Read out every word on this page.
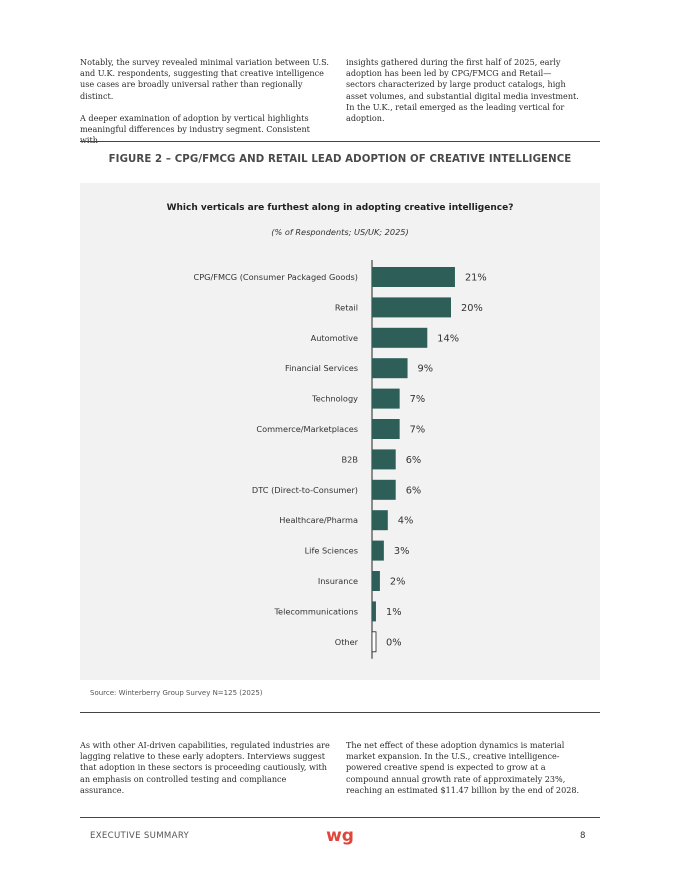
Notably, the survey revealed minimal variation between U.S. and U.K. respondents, suggesting that creative intelligence use cases are broadly universal rather than regionally distinct.

A deeper examination of adoption by vertical highlights meaningful differences by industry segment. Consistent

insights gathered during the first half of 2025, early adoption has been led by CPG/FMCG and Retail—sectors characterized by large product catalogs, high asset volumes, and substantial digital media investment. In the U.K., retail emerged as the leading vertical for adoption.

FIGURE 2 – CPG/FMCG AND RETAIL LEAD ADOPTION OF CREATIVE INTELLIGENCE
Which verticals are furthest along in adopting creative intelligence?
(% of Respondents; US/UK; 2025)
CPG/FMCG (Consumer Packaged Goods)	21%
Retail	20%
Automotive	14%
Financial Services	9%
Technology	7%
Commerce/Marketplaces	7%
B2B	6%
DTC (Direct-to-Consumer)	6%
Healthcare/Pharma	4%
Life Sciences	3%
Insurance	2%
Telecommunications	1%
Other	0%
Source: Winterberry Group Survey N=125 (2025)

As with other AI-driven capabilities, regulated industries are lagging relative to these early adopters. Interviews suggest that adoption in these sectors is proceeding cautiously, with an emphasis on controlled testing and compliance assurance.

The net effect of these adoption dynamics is material market expansion. In the U.S., creative intelligence-powered creative spend is expected to grow at a compound annual growth rate of approximately 23%, reaching an estimated $11.47 billion by the end of 2028.

EXECUTIVE SUMMARY	wg	8
